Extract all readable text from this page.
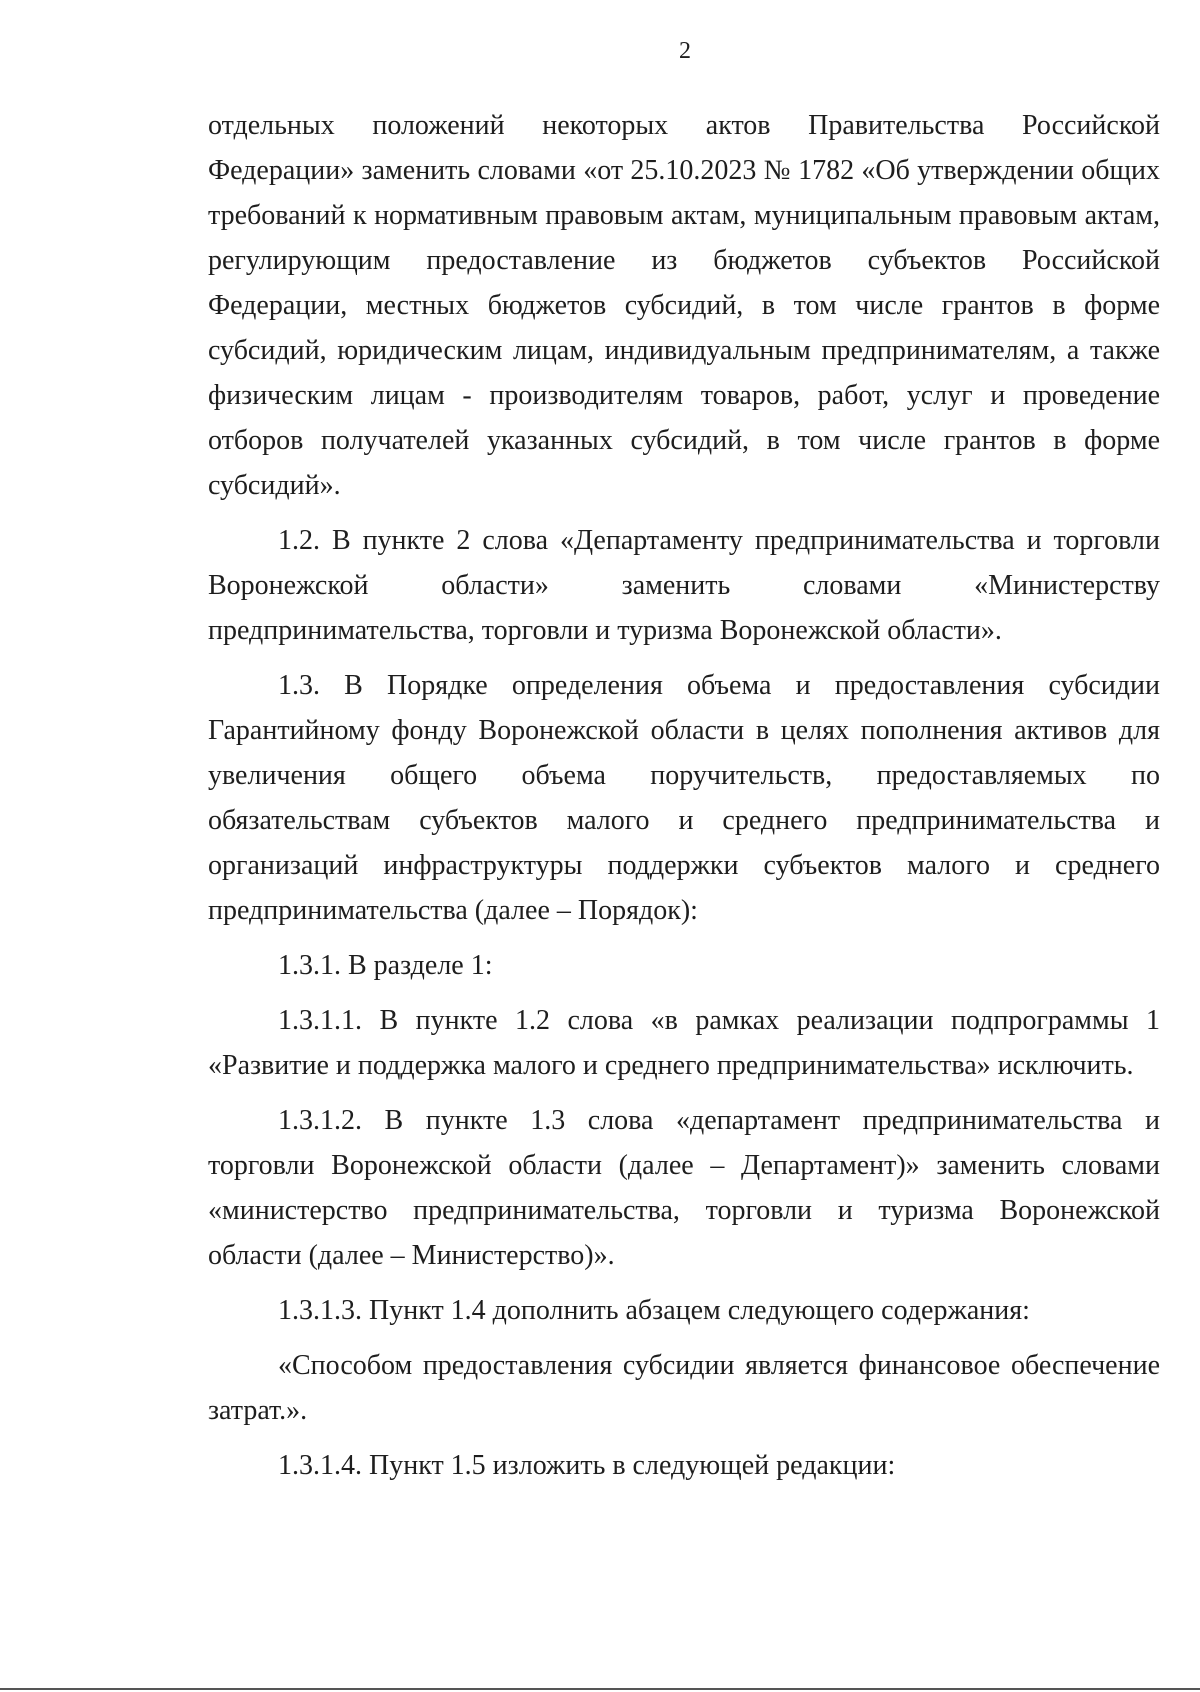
2

отдельных положений некоторых актов Правительства Российской Федерации» заменить словами «от 25.10.2023 № 1782 «Об утверждении общих требований к нормативным правовым актам, муниципальным правовым актам, регулирующим предоставление из бюджетов субъектов Российской Федерации, местных бюджетов субсидий, в том числе грантов в форме субсидий, юридическим лицам, индивидуальным предпринимателям, а также физическим лицам - производителям товаров, работ, услуг и проведение отборов получателей указанных субсидий, в том числе грантов в форме субсидий».

1.2. В пункте 2 слова «Департаменту предпринимательства и торговли Воронежской области» заменить словами «Министерству предпринимательства, торговли и туризма Воронежской области».

1.3. В Порядке определения объема и предоставления субсидии Гарантийному фонду Воронежской области в целях пополнения активов для увеличения общего объема поручительств, предоставляемых по обязательствам субъектов малого и среднего предпринимательства и организаций инфраструктуры поддержки субъектов малого и среднего предпринимательства (далее – Порядок):

1.3.1. В разделе 1:

1.3.1.1. В пункте 1.2 слова «в рамках реализации подпрограммы 1 «Развитие и поддержка малого и среднего предпринимательства» исключить.

1.3.1.2. В пункте 1.3 слова «департамент предпринимательства и торговли Воронежской области (далее – Департамент)» заменить словами «министерство предпринимательства, торговли и туризма Воронежской области (далее – Министерство)».

1.3.1.3. Пункт 1.4 дополнить абзацем следующего содержания:

«Способом предоставления субсидии является финансовое обеспечение затрат.».

1.3.1.4. Пункт 1.5 изложить в следующей редакции:
